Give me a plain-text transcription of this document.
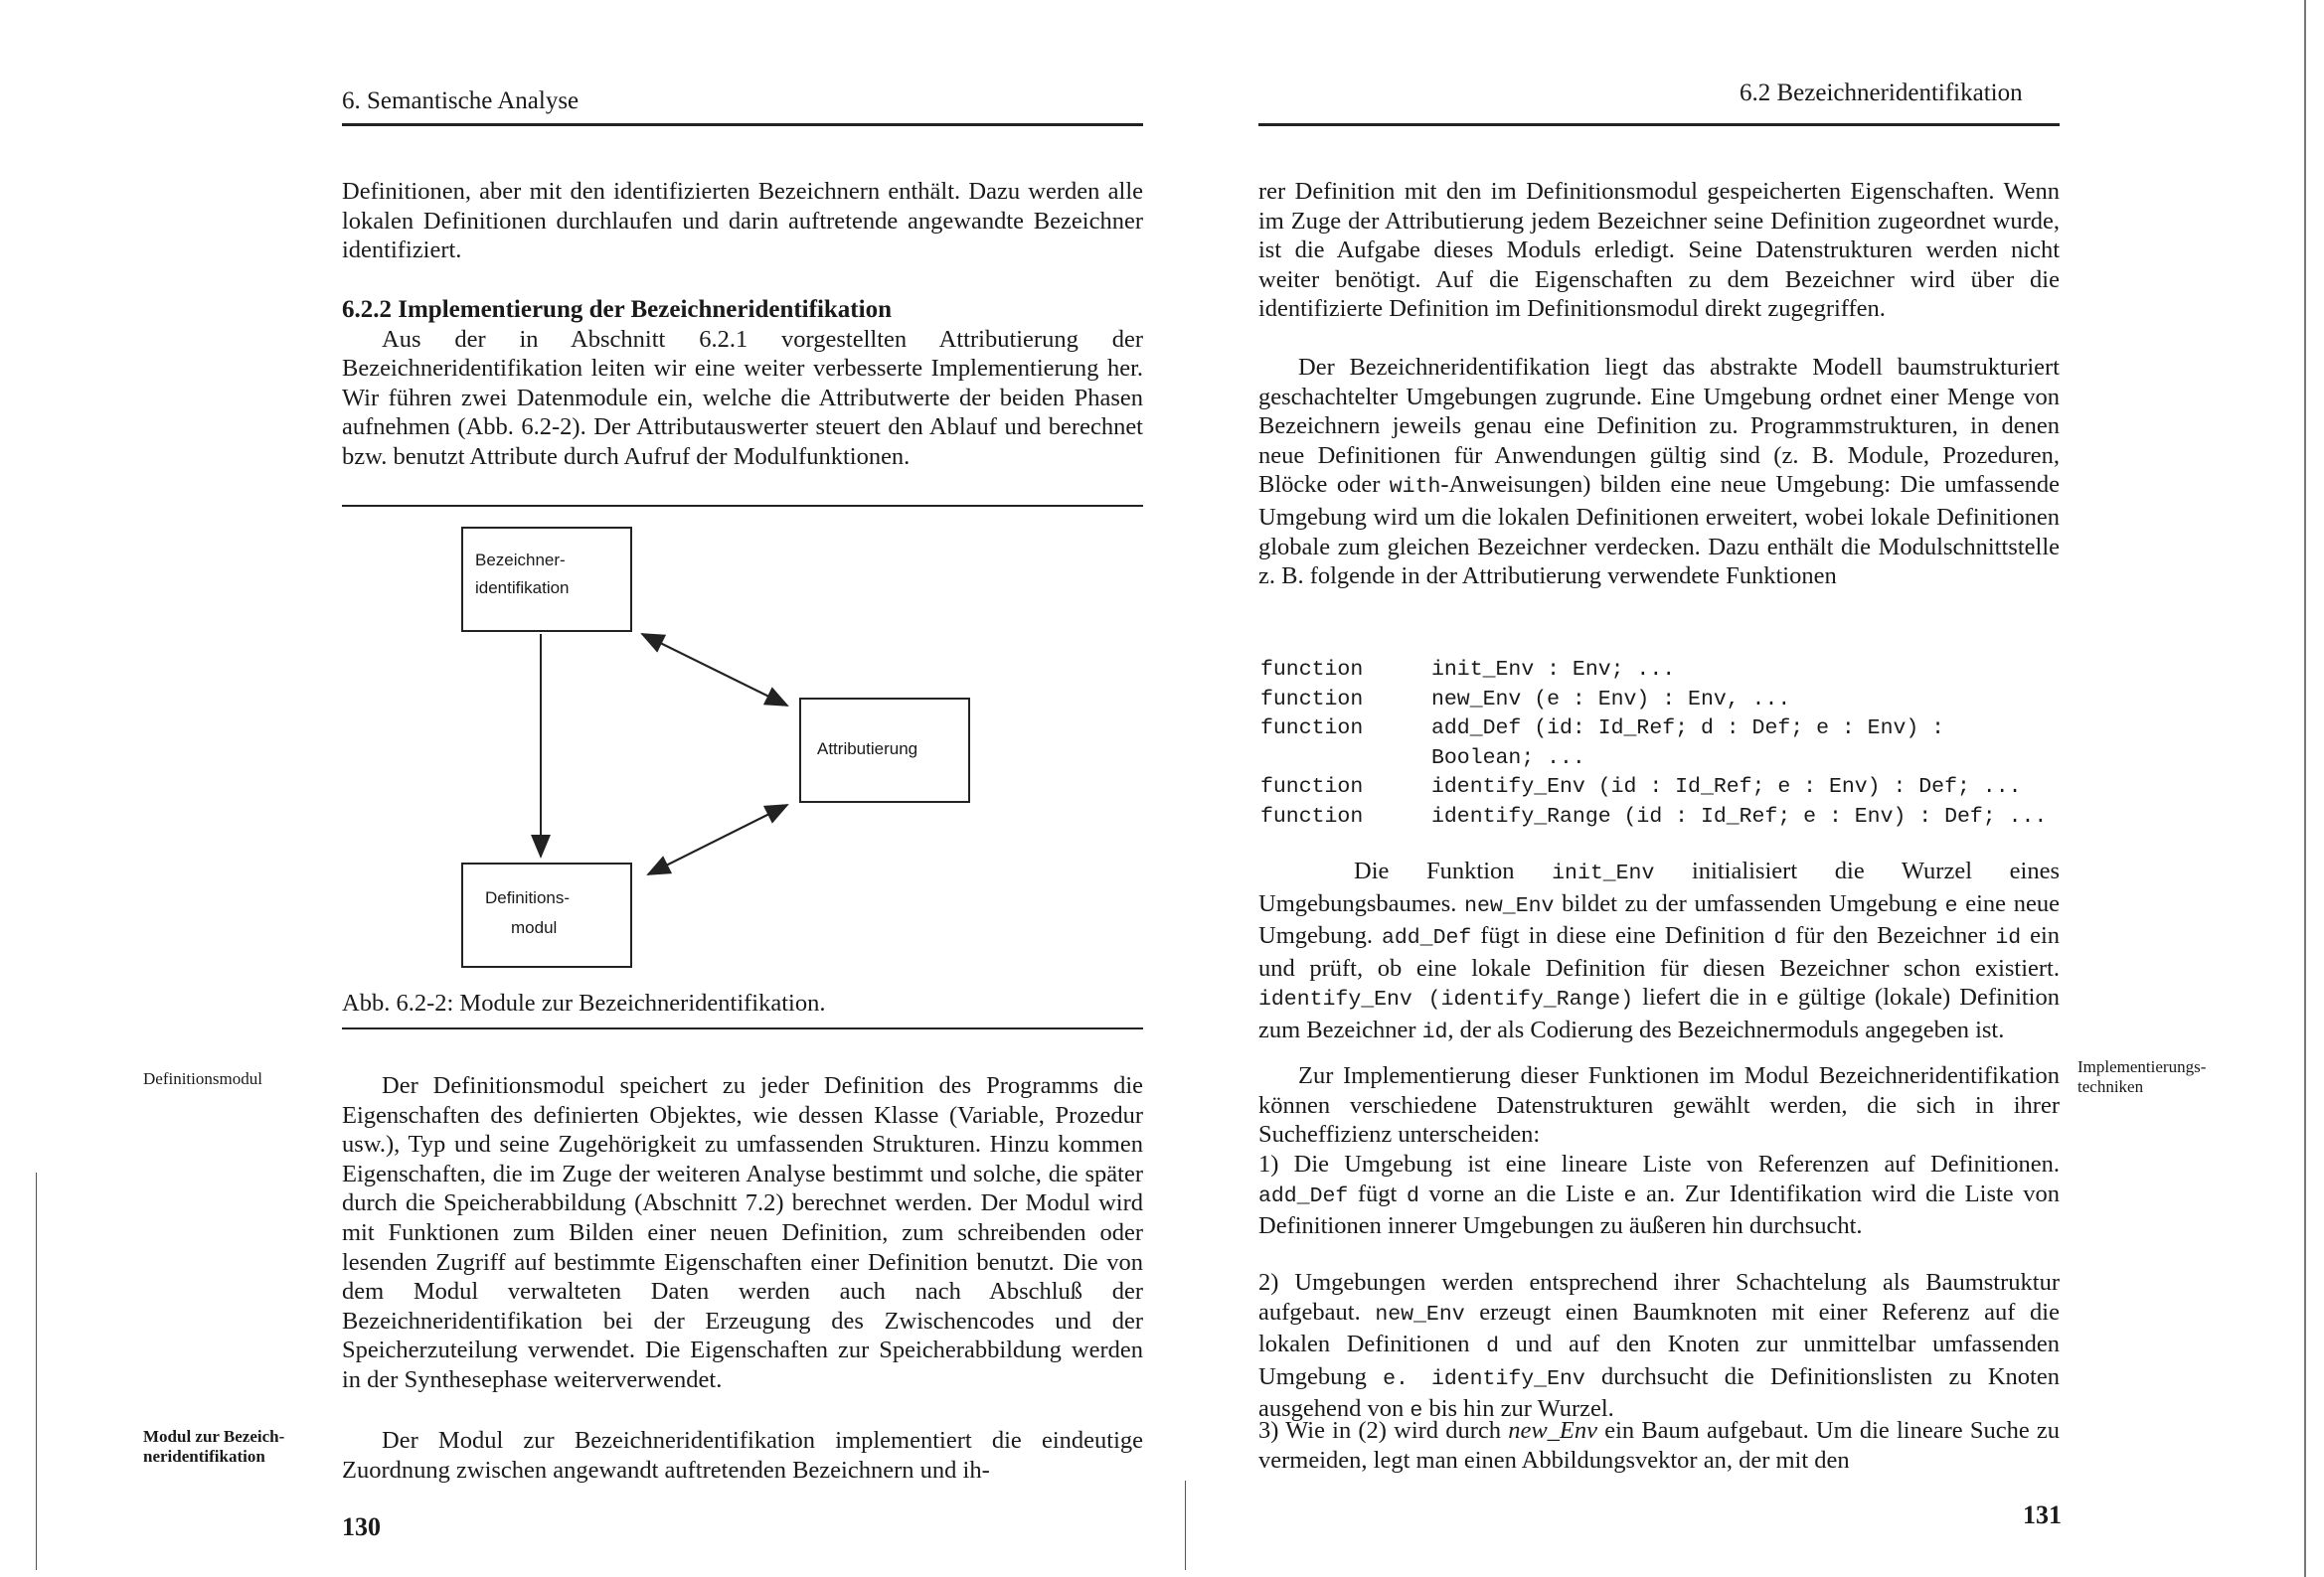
6. Semantische Analyse

Definitionen, aber mit den identifizierten Bezeichnern enthält. Dazu werden alle lokalen Definitionen durchlaufen und darin auftretende angewandte Bezeichner identifiziert.

6.2.2 Implementierung der Bezeichneridentifikation

Aus der in Abschnitt 6.2.1 vorgestellten Attributierung der Bezeichneridentifikation leiten wir eine weiter verbesserte Implementierung her. Wir führen zwei Datenmodule ein, welche die Attributwerte der beiden Phasen aufnehmen (Abb. 6.2-2). Der Attributauswerter steuert den Ablauf und berechnet bzw. benutzt Attribute durch Aufruf der Modulfunktionen.

Bezeichner-
identifikation
Attributierung
Definitions-
modul
Abb. 6.2-2: Module zur Bezeichneridentifikation.
Definitionsmodul	Der Definitionsmodul speichert zu jeder Definition des Programms die Eigenschaften des definierten Objektes, wie dessen Klasse (Variable, Prozedur usw.), Typ und seine Zugehörigkeit zu umfassenden Strukturen. Hinzu kommen Eigenschaften, die im Zuge der weiteren Analyse bestimmt und solche, die später durch die Speicherabbildung (Abschnitt 7.2) berechnet werden. Der Modul wird mit Funktionen zum Bilden einer neuen Definition, zum schreibenden oder lesenden Zugriff auf bestimmte Eigenschaften einer Definition benutzt. Die von dem Modul verwalteten Daten werden auch nach Abschluß der Bezeichneridentifikation bei der Erzeugung des Zwischencodes und der Speicherzuteilung verwendet. Die Eigenschaften zur Speicherabbildung werden in der Synthesephase weiterverwendet.

Modul zur Bezeich-
neridentifikation

Der Modul zur Bezeichneridentifikation implementiert die eindeutige Zuordnung zwischen angewandt auftretenden Bezeichnern und ih-

130
6.2 Bezeichneridentifikation

rer Definition mit den im Definitionsmodul gespeicherten Eigenschaften. Wenn im Zuge der Attributierung jedem Bezeichner seine Definition zugeordnet wurde, ist die Aufgabe dieses Moduls erledigt. Seine Datenstrukturen werden nicht weiter benötigt. Auf die Eigenschaften zu dem Bezeichner wird über die identifizierte Definition im Definitionsmodul direkt zugegriffen.

Der Bezeichneridentifikation liegt das abstrakte Modell baumstrukturiert geschachtelter Umgebungen zugrunde. Eine Umgebung ordnet einer Menge von Bezeichnern jeweils genau eine Definition zu. Programmstrukturen, in denen neue Definitionen für Anwendungen gültig sind (z. B. Module, Prozeduren, Blöcke oder with-Anweisungen) bilden eine neue Umgebung: Die umfassende Umgebung wird um die lokalen Definitionen erweitert, wobei lokale Definitionen globale zum gleichen Bezeichner verdecken. Dazu enthält die Modulschnittstelle z. B. folgende in der Attributierung verwendete Funktionen

function	init_Env : Env; ...
function	new_Env (e : Env) : Env, ...
function	add_Def (id: Id_Ref; d : Def; e : Env) :
Boolean; ...
function	identify_Env (id : Id_Ref; e : Env) : Def; ...
function	identify_Range (id : Id_Ref; e : Env) : Def; ...

Die Funktion init_Env initialisiert die Wurzel eines Umgebungsbaumes. new_Env bildet zu der umfassenden Umgebung e eine neue Umgebung. add_Def fügt in diese eine Definition d für den Bezeichner id ein und prüft, ob eine lokale Definition für diesen Bezeichner schon existiert. identify_Env (identify_Range) liefert die in e gültige (lokale) Definition zum Bezeichner id, der als Codierung des Bezeichnermoduls angegeben ist.

Zur Implementierung dieser Funktionen im Modul Bezeichneridentifikation können verschiedene Datenstrukturen gewählt werden, die sich in ihrer Sucheffizienz unterscheiden:

Implementierungs-
techniken

1) Die Umgebung ist eine lineare Liste von Referenzen auf Definitionen. add_Def fügt d vorne an die Liste e an. Zur Identifikation wird die Liste von Definitionen innerer Umgebungen zu äußeren hin durchsucht.

2) Umgebungen werden entsprechend ihrer Schachtelung als Baumstruktur aufgebaut. new_Env erzeugt einen Baumknoten mit einer Referenz auf die lokalen Definitionen d und auf den Knoten zur unmittelbar umfassenden Umgebung e. identify_Env durchsucht die Definitionslisten zu Knoten ausgehend von e bis hin zur Wurzel.

3) Wie in (2) wird durch new_Env ein Baum aufgebaut. Um die lineare Suche zu vermeiden, legt man einen Abbildungsvektor an, der mit den

131
